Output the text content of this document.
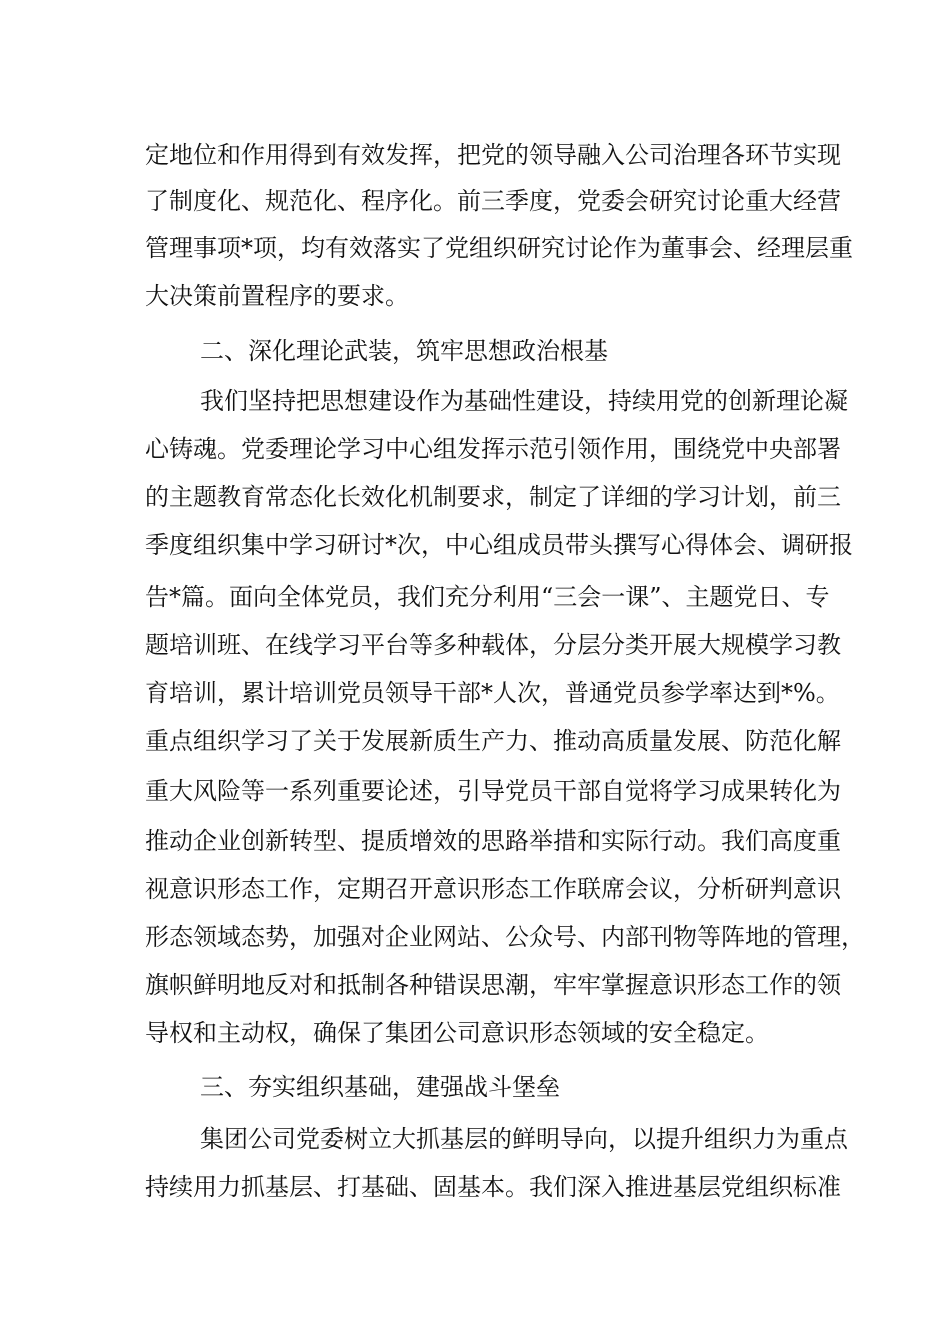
定地位和作用得到有效发挥，把党的领导融入公司治理各环节实现
了制度化、规范化、程序化。前三季度，党委会研究讨论重大经营
管理事项*项，均有效落实了党组织研究讨论作为董事会、经理层重
大决策前置程序的要求。
二、深化理论武装，筑牢思想政治根基
我们坚持把思想建设作为基础性建设，持续用党的创新理论凝
心铸魂。党委理论学习中心组发挥示范引领作用，围绕党中央部署
的主题教育常态化长效化机制要求，制定了详细的学习计划，前三
季度组织集中学习研讨*次，中心组成员带头撰写心得体会、调研报
告*篇。面向全体党员，我们充分利用“三会一课”、主题党日、专
题培训班、在线学习平台等多种载体，分层分类开展大规模学习教
育培训，累计培训党员领导干部*人次，普通党员参学率达到*%。
重点组织学习了关于发展新质生产力、推动高质量发展、防范化解
重大风险等一系列重要论述，引导党员干部自觉将学习成果转化为
推动企业创新转型、提质增效的思路举措和实际行动。我们高度重
视意识形态工作，定期召开意识形态工作联席会议，分析研判意识
形态领域态势，加强对企业网站、公众号、内部刊物等阵地的管理，
旗帜鲜明地反对和抵制各种错误思潮，牢牢掌握意识形态工作的领
导权和主动权，确保了集团公司意识形态领域的安全稳定。
三、夯实组织基础，建强战斗堡垒
集团公司党委树立大抓基层的鲜明导向，以提升组织力为重点
持续用力抓基层、打基础、固基本。我们深入推进基层党组织标准
